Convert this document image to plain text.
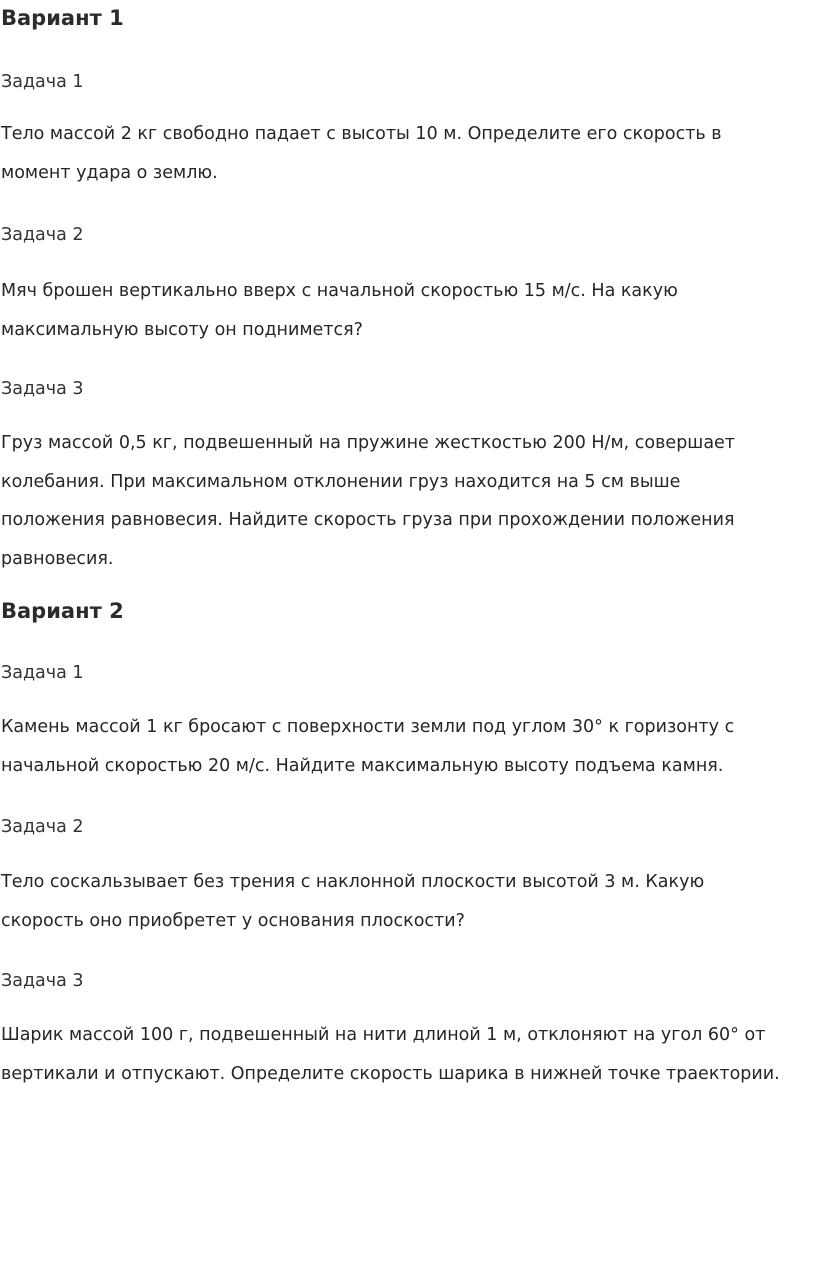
Вариант 1
Задача 1

Тело массой 2 кг свободно падает с высоты 10 м. Определите его скорость в
момент удара о землю.

Задача 2

Мяч брошен вертикально вверх с начальной скоростью 15 м/с. На какую
максимальную высоту он поднимется?

Задача 3

Груз массой 0,5 кг, подвешенный на пружине жесткостью 200 Н/м, совершает
колебания. При максимальном отклонении груз находится на 5 см выше
положения равновесия. Найдите скорость груза при прохождении положения
равновесия.

Вариант 2
Задача 1

Камень массой 1 кг бросают с поверхности земли под углом 30° к горизонту с
начальной скоростью 20 м/с. Найдите максимальную высоту подъема камня.

Задача 2

Тело соскальзывает без трения с наклонной плоскости высотой 3 м. Какую
скорость оно приобретет у основания плоскости?

Задача 3

Шарик массой 100 г, подвешенный на нити длиной 1 м, отклоняют на угол 60° от
вертикали и отпускают. Определите скорость шарика в нижней точке траектории.
